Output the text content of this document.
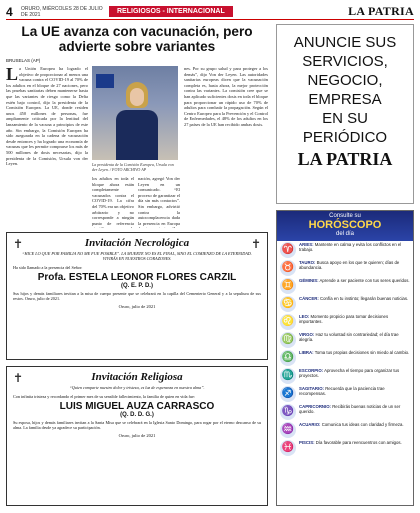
4	ORURO, MIÉRCOLES 28 DE JULIO DE 2021	RELIGIOSOS - INTERNACIONAL	LA PATRIA
La UE avanza con vacunación, pero advierte sobre variantes
BRUSELAS (AP)
L a Unión Europea ha logrado el objetivo de proporcionar al menos una vacuna contra el COVID-19 al 70% de los adultos en el bloque de 27 naciones, pero las pruebas sanitarias deben mantenerse hasta que las variantes de riesgo como la Delta estén bajo control, dijo la presidenta de la Comisión Europea. La UE, donde residen unos 450 millones de personas, fue ampliamente criticada por la lentitud del lanzamiento de la vacuna a principios de este año. Sin embargo, la Comisión Europea ha sido asegurada en la cadena de vacunación desde entonces y ha logrado una economía de vacunas que les permite comprarse los más de 500 millones de dosis necesarias, dijo la presidenta de la Comisión, Ursula von der Leyen.	La presidenta de la Comisión Europea, Ursula von der Leyen. / FOTO ARCHIVO AP
los adultos en toda el bloque ahora están completamente vacunados contra el COVID-19. La cifra del 70% era un objetivo arbitrario y no corresponde a ningún punto de referencia
nación, agregó Von der Leyen en un comunicado. “El proceso de garantizar el día sin más contactos”. Sin embargo, advirtió contra la autocomplacencia dada la presencia en Europa
nes. Por su grupo salud y para proteger a los demás”, dijo Von der Leyen. Las autoridades sanitarias europeas dicen que la vacunación completa es, hasta ahora, la mejor protección contra las variantes. La comisión cree que se han aplicado suficientes dosis en toda el bloque para proporcionar un rápido uso de 70% de adultos para combatir la propagación. Según el Centro Europeo para la Prevención y el Control de Enfermedades, el 48% de los adultos en los 27 países de la UE han recibido ambas dosis.
✝	✝
Invitación Necrológica
“HICE LO QUE POR FAMILIA NO ME FUE POSIBLE”. LA MUERTE NO ES EL FINAL, SINO EL COMIENZO DE LA ETERNIDAD. VIVIRÁS EN NUESTROS CORAZONES.
Ha sido llamado a la presencia del Señor:
Profa. ESTELA LEONOR FLORES CARZIL
(Q. E. P. D.)
Sus hijos y demás familiares invitan a la misa de cuerpo presente que se celebrará en la capilla del Cementerio General y a la sepultura de sus restos. Oruro, julio de 2021.
Oruro, julio de 2021
✝	Invitación Religiosa
“Quien comparte nuestro dolor y tristeza, es luz de esperanza en nuestra alma”.
Con infinita tristeza y recordando el primer mes de su sensible fallecimiento, la familia de quien en vida fue:
LUIS MIGUEL AUZA CARRASCO
(Q. D. D. G.)
Su esposa, hijos y demás familiares invitan a la Santa Misa que se celebrará en la Iglesia Santo Domingo, para rogar por el eterno descanso de su alma. La familia desde ya agradece su participación.
Oruro, julio de 2021
ANUNCIE SUS
SERVICIOS,
NEGOCIO,
EMPRESA
EN SU
PERIÓDICO
LA PATRIA
Consulte su
HORÓSCOPO
del día
♈	ARIES: Mantente en calma y evita los conflictos en el trabajo.
♉	TAURO: Busca apoyo en los que te quieren; días de abundancia.
♊	GÉMINIS: Aprende a ser paciente con tus seres queridos.
♋	CÁNCER: Confía en tu instinto; llegarán buenas noticias.
♌	LEO: Momento propicio para tomar decisiones importantes.
♍	VIRGO: Haz tu voluntad sin contrariedad; el día trae alegría.
♎	LIBRA: Toma tus propias decisiones sin miedo al cambio.
♏	ESCORPIO: Aprovecha el tiempo para organizar tus proyectos.
♐	SAGITARIO: Recuerda que la paciencia trae recompensas.
♑	CAPRICORNIO: Recibirás buenas noticias de un ser querido.
♒	ACUARIO: Comunica tus ideas con claridad y firmeza.
♓	PISCIS: Día favorable para reencuentros con amigos.
